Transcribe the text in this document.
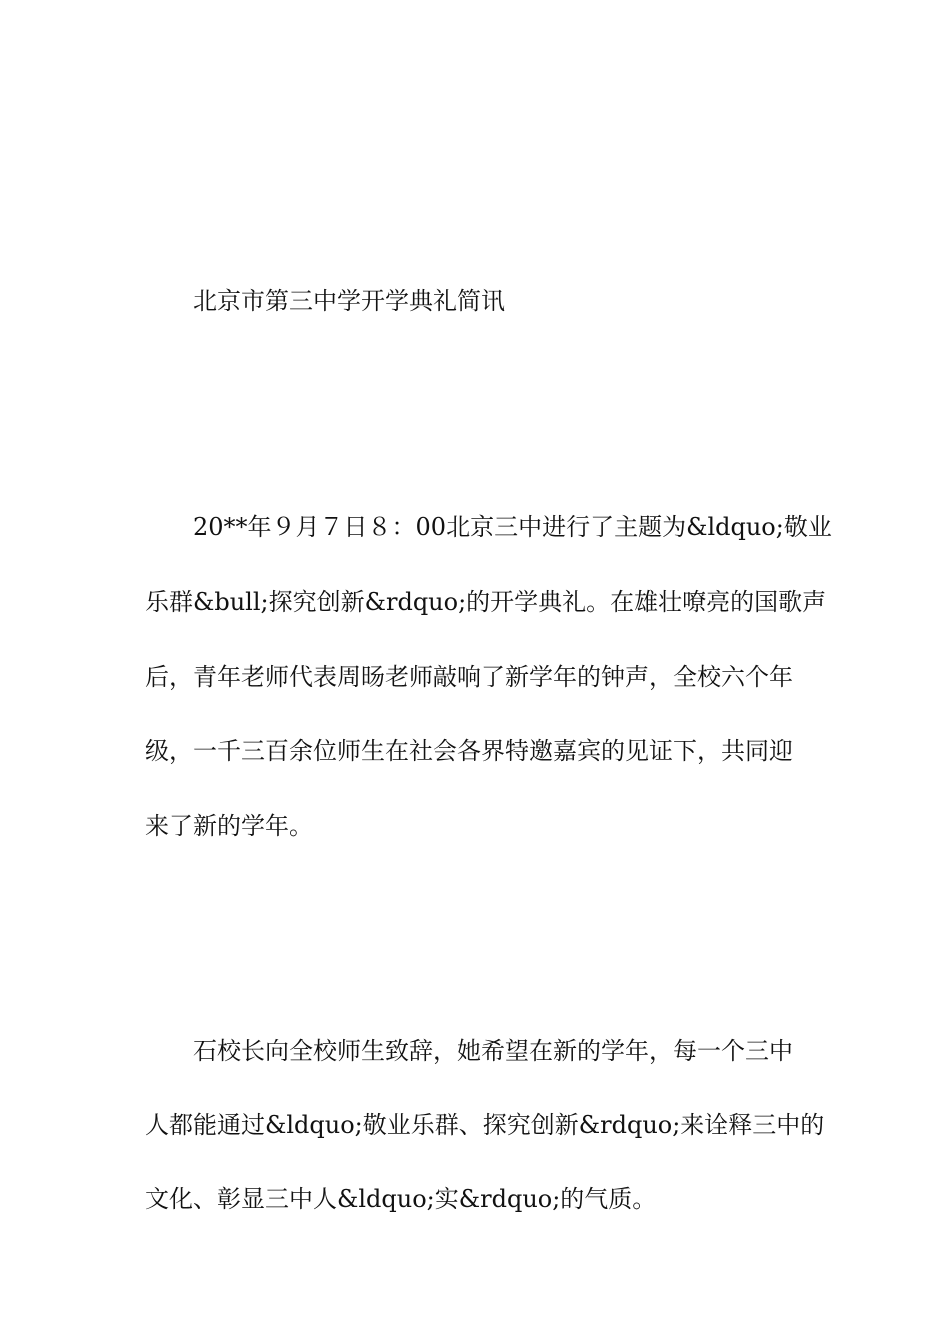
北京市第三中学开学典礼简讯
20**年９月７日８：00北京三中进行了主题为&ldquo;敬业
乐群&bull;探究创新&rdquo;的开学典礼。在雄壮嘹亮的国歌声
后，青年老师代表周旸老师敲响了新学年的钟声，全校六个年
级，一千三百余位师生在社会各界特邀嘉宾的见证下，共同迎
来了新的学年。
石校长向全校师生致辞，她希望在新的学年，每一个三中
人都能通过&ldquo;敬业乐群、探究创新&rdquo;来诠释三中的
文化、彰显三中人&ldquo;实&rdquo;的气质。
